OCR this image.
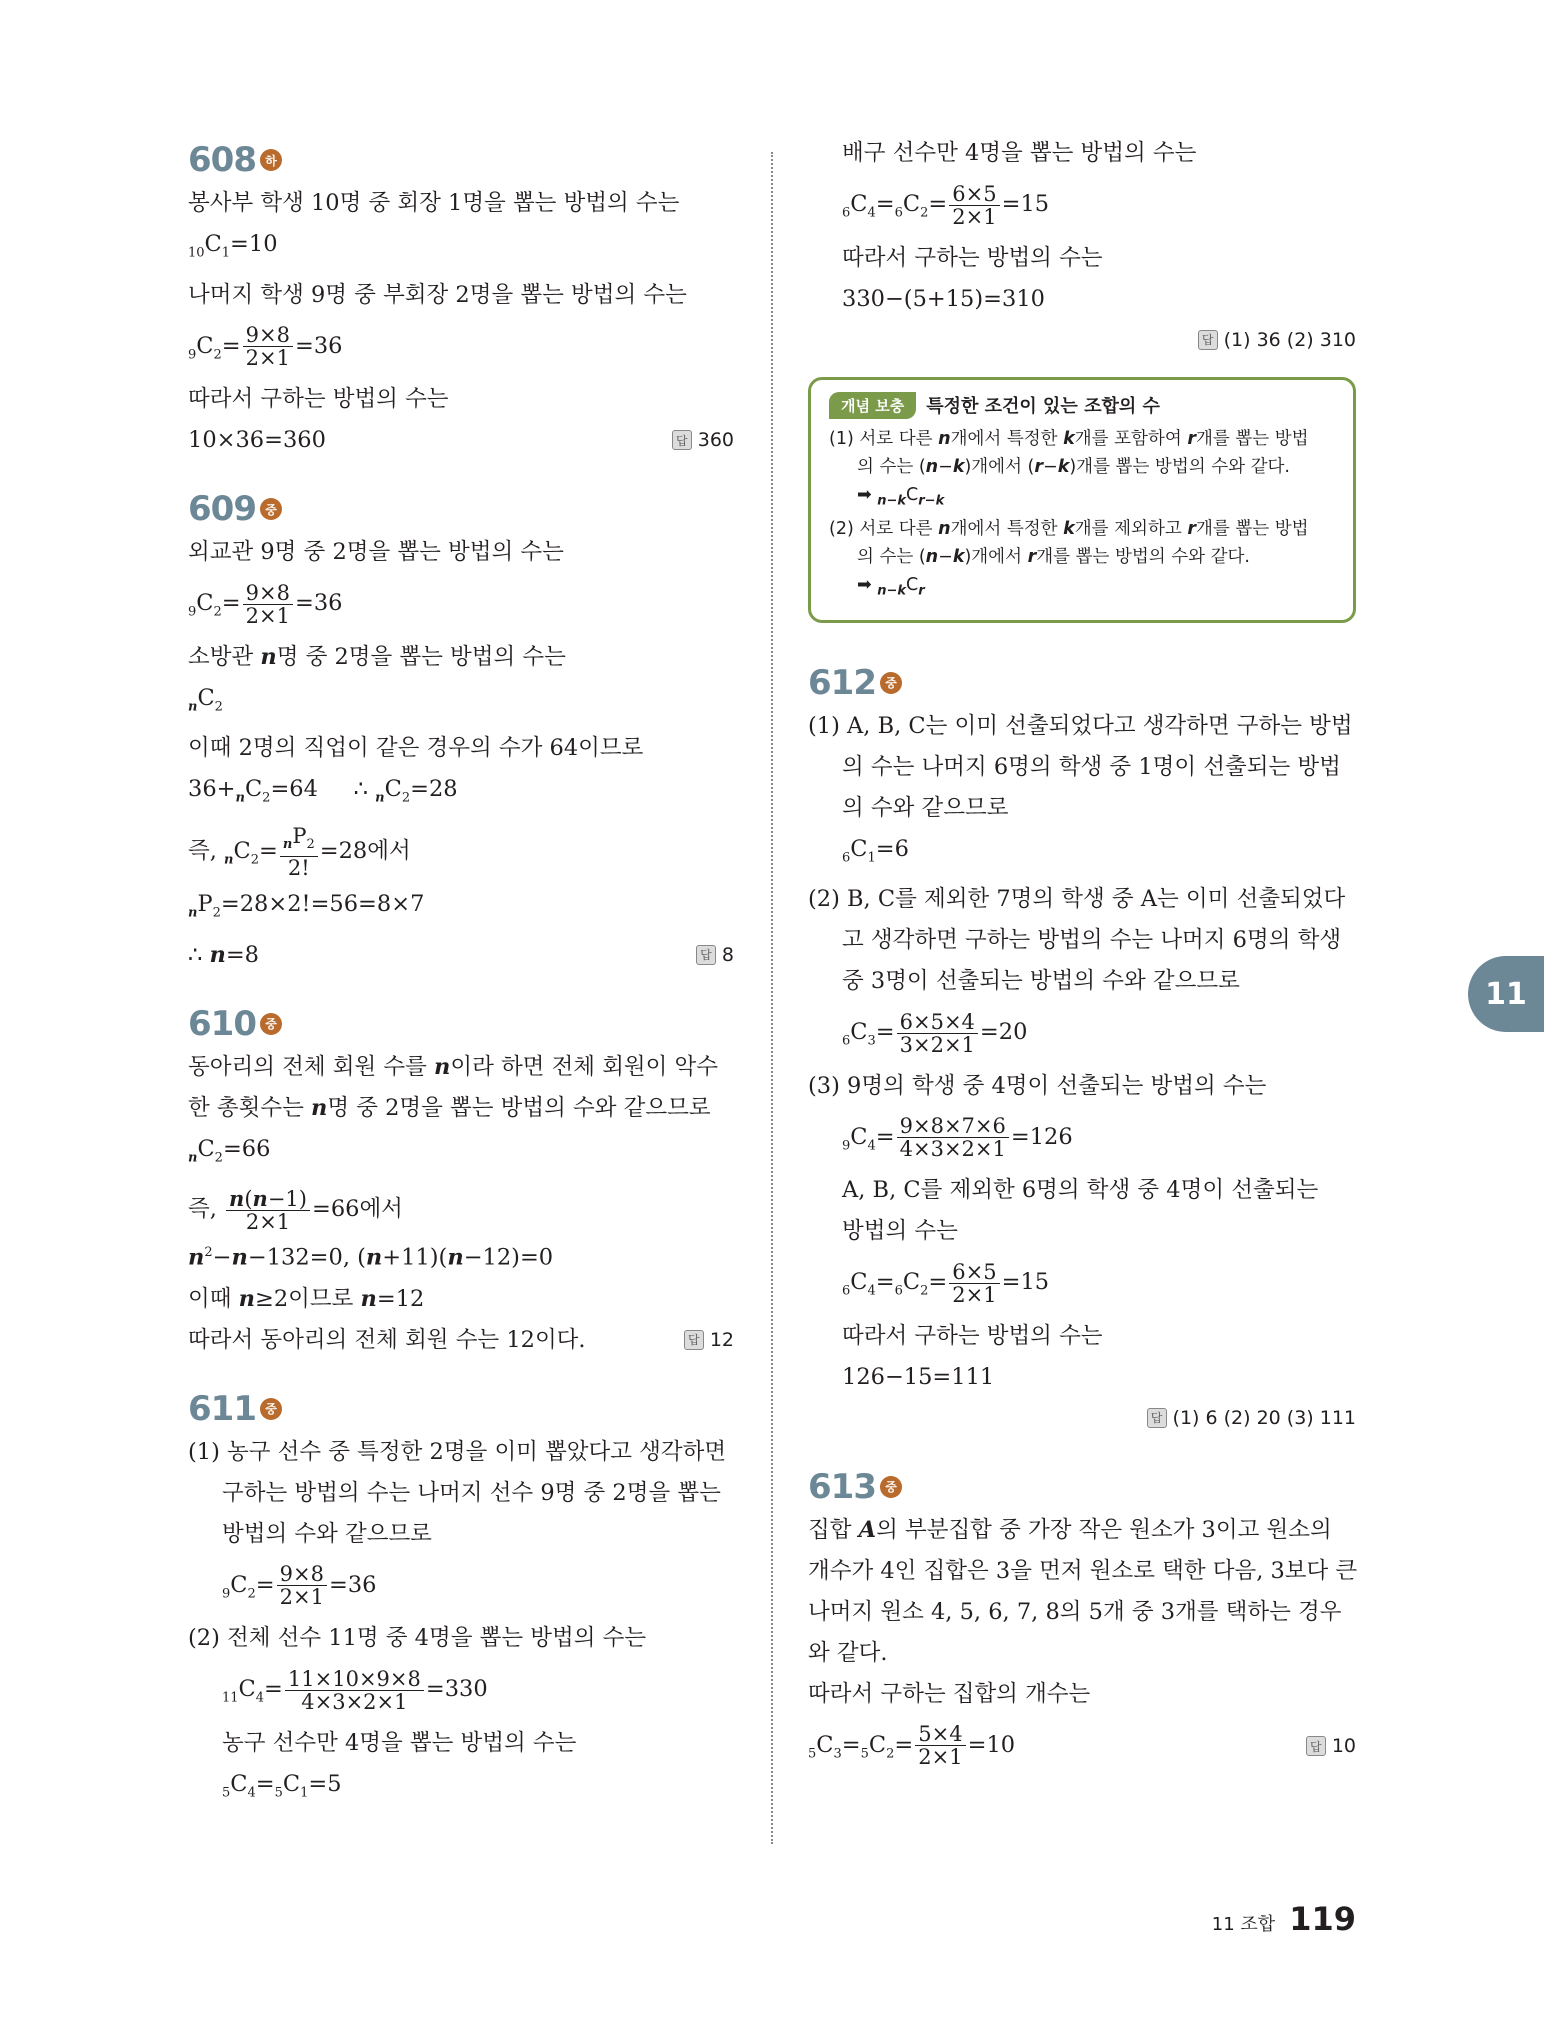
608 하
봉사부 학생 10명 중 회장 1명을 뽑는 방법의 수는
$_{10}C_1=10$
나머지 학생 9명 중 부회장 2명을 뽑는 방법의 수는
$_9C_2= \frac{9\times 8}{2\times 1} =36$
따라서 구하는 방법의 수는
10×36=360	답 360
609 중
외교관 9명 중 2명을 뽑는 방법의 수는
$_9C_2= \frac{9\times 8}{2\times 1} =36$
소방관 n명 중 2명을 뽑는 방법의 수는
$_nC_2$
이때 2명의 직업이 같은 경우의 수가 64이므로
$36+_nC_2=64$     ∴ $_nC_2=28$
즉, $_nC_2= \frac{_nP_2}{2!} =28$에서
$_nP_2=28\times 2!=56=8\times 7$
∴ n=8	답 8
610 중
동아리의 전체 회원 수를 n이라 하면 전체 회원이 악수
한 총횟수는 n명 중 2명을 뽑는 방법의 수와 같으므로
$_nC_2=66$
즉, $\frac{n(n-1)}{2\times 1} =66$에서
$n^2-n-132=0$, (n+11)(n−12)=0
이때 n≥2이므로 n=12
따라서 동아리의 전체 회원 수는 12이다.	답 12
611 중
(1) 농구 선수 중 특정한 2명을 이미 뽑았다고 생각하면
구하는 방법의 수는 나머지 선수 9명 중 2명을 뽑는
방법의 수와 같으므로
$_9C_2= \frac{9\times 8}{2\times 1} =36$
(2) 전체 선수 11명 중 4명을 뽑는 방법의 수는
$_{11}C_4= \frac{11\times 10\times 9\times 8}{4\times 3\times 2\times 1} =330$
농구 선수만 4명을 뽑는 방법의 수는
$_5C_4=_5C_1=5$
배구 선수만 4명을 뽑는 방법의 수는
$_6C_4=_6C_2= \frac{6\times 5}{2\times 1} =15$
따라서 구하는 방법의 수는
330−(5+15)=310
답 (1) 36 (2) 310
개념 보충	특정한 조건이 있는 조합의 수
(1) 서로 다른 n개에서 특정한 k개를 포함하여 r개를 뽑는 방법
의 수는 (n−k)개에서 (r−k)개를 뽑는 방법의 수와 같다.
➡ $_{n-k}C_{r-k}$
(2) 서로 다른 n개에서 특정한 k개를 제외하고 r개를 뽑는 방법
의 수는 (n−k)개에서 r개를 뽑는 방법의 수와 같다.
➡ $_{n-k}C_r$
612 중
(1) A, B, C는 이미 선출되었다고 생각하면 구하는 방법
의 수는 나머지 6명의 학생 중 1명이 선출되는 방법
의 수와 같으므로
$_6C_1=6$
(2) B, C를 제외한 7명의 학생 중 A는 이미 선출되었다
고 생각하면 구하는 방법의 수는 나머지 6명의 학생
중 3명이 선출되는 방법의 수와 같으므로
$_6C_3= \frac{6\times 5\times 4}{3\times 2\times 1} =20$
(3) 9명의 학생 중 4명이 선출되는 방법의 수는
$_9C_4= \frac{9\times 8\times 7\times 6}{4\times 3\times 2\times 1} =126$
A, B, C를 제외한 6명의 학생 중 4명이 선출되는
방법의 수는
$_6C_4=_6C_2= \frac{6\times 5}{2\times 1} =15$
따라서 구하는 방법의 수는
126−15=111
답 (1) 6 (2) 20 (3) 111
613 중
집합 A의 부분집합 중 가장 작은 원소가 3이고 원소의
개수가 4인 집합은 3을 먼저 원소로 택한 다음, 3보다 큰
나머지 원소 4, 5, 6, 7, 8의 5개 중 3개를 택하는 경우
와 같다.
따라서 구하는 집합의 개수는
$_5C_3=_5C_2= \frac{5\times 4}{2\times 1} =10$	답 10
11
11 조합 119
